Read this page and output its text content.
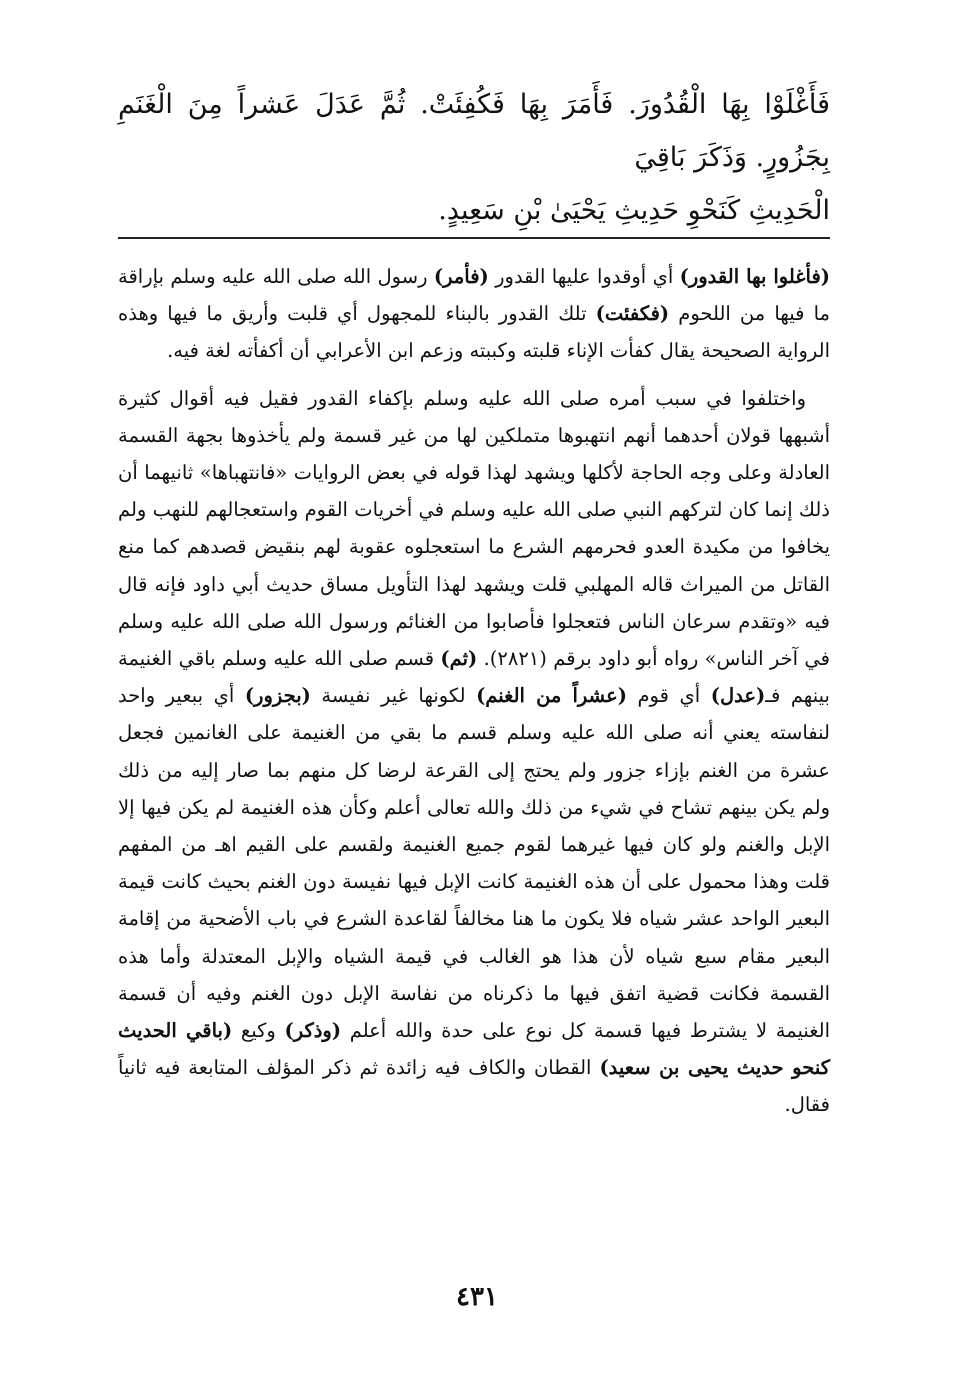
فَأَغْلَوْا بِهَا الْقُدُورَ. فَأَمَرَ بِهَا فَكُفِئَتْ. ثُمَّ عَدَلَ عَشراً مِنَ الْغَنَمِ بِجَزُورٍ. وَذَكَرَ بَاقِيَ

الْحَدِيثِ كَنَحْوِ حَدِيثِ يَحْيَىٰ بْنِ سَعِيدٍ.

(فأغلوا بها القدور) أي أوقدوا عليها القدور (فأمر) رسول الله صلى الله عليه وسلم بإراقة ما فيها من اللحوم (فكفئت) تلك القدور بالبناء للمجهول أي قلبت وأريق ما فيها وهذه الرواية الصحيحة يقال كفأت الإناء قلبته وكببته وزعم ابن الأعرابي أن أكفأته لغة فيه.

واختلفوا في سبب أمره صلى الله عليه وسلم بإكفاء القدور فقيل فيه أقوال كثيرة أشبهها قولان أحدهما أنهم انتهبوها متملكين لها من غير قسمة ولم يأخذوها بجهة القسمة العادلة وعلى وجه الحاجة لأكلها ويشهد لهذا قوله في بعض الروايات «فانتهباها» ثانيهما أن ذلك إنما كان لتركهم النبي صلى الله عليه وسلم في أخريات القوم واستعجالهم للنهب ولم يخافوا من مكيدة العدو فحرمهم الشرع ما استعجلوه عقوبة لهم بنقيض قصدهم كما منع القاتل من الميراث قاله المهلبي قلت ويشهد لهذا التأويل مساق حديث أبي داود فإنه قال فيه «وتقدم سرعان الناس فتعجلوا فأصابوا من الغنائم ورسول الله صلى الله عليه وسلم في آخر الناس» رواه أبو داود برقم (٢٨٢١). (ثم) قسم صلى الله عليه وسلم باقي الغنيمة بينهم فـ(عدل) أي قوم (عشراً من الغنم) لكونها غير نفيسة (بجزور) أي ببعير واحد لنفاسته يعني أنه صلى الله عليه وسلم قسم ما بقي من الغنيمة على الغانمين فجعل عشرة من الغنم بإزاء جزور ولم يحتج إلى القرعة لرضا كل منهم بما صار إليه من ذلك ولم يكن بينهم تشاح في شيء من ذلك والله تعالى أعلم وكأن هذه الغنيمة لم يكن فيها إلا الإبل والغنم ولو كان فيها غيرهما لقوم جميع الغنيمة ولقسم على القيم اهـ من المفهم قلت وهذا محمول على أن هذه الغنيمة كانت الإبل فيها نفيسة دون الغنم بحيث كانت قيمة البعير الواحد عشر شياه فلا يكون ما هنا مخالفاً لقاعدة الشرع في باب الأضحية من إقامة البعير مقام سبع شياه لأن هذا هو الغالب في قيمة الشياه والإبل المعتدلة وأما هذه القسمة فكانت قضية اتفق فيها ما ذكرناه من نفاسة الإبل دون الغنم وفيه أن قسمة الغنيمة لا يشترط فيها قسمة كل نوع على حدة والله أعلم (وذكر) وكيع (باقي الحديث كنحو حديث يحيى بن سعيد) القطان والكاف فيه زائدة ثم ذكر المؤلف المتابعة فيه ثانياً فقال.

٤٣١
